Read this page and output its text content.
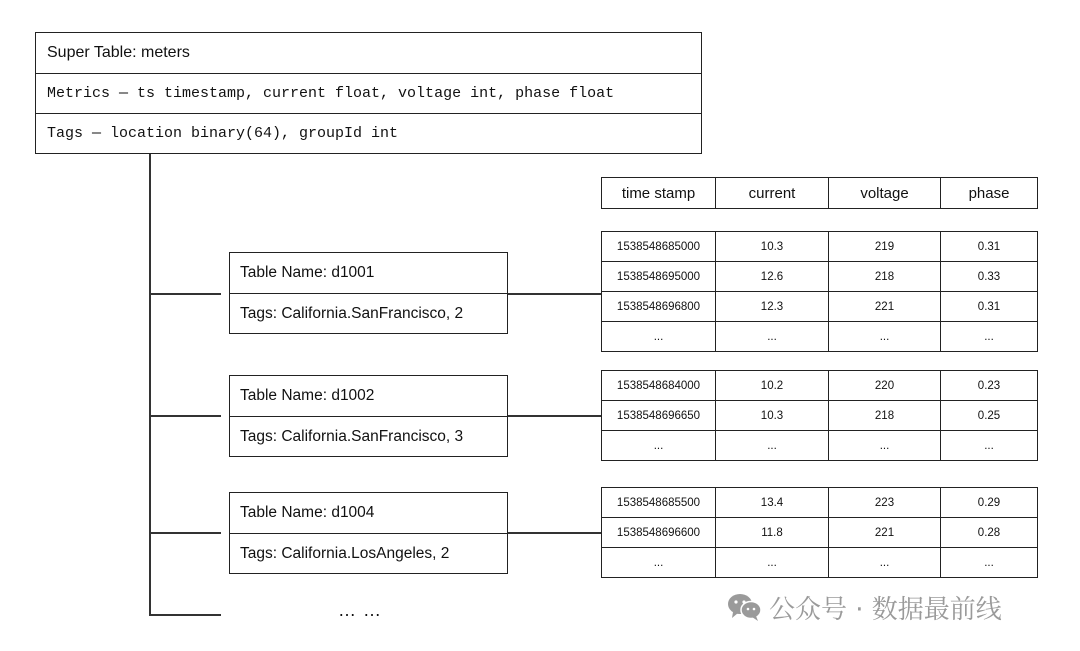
Super Table: meters
Metrics — ts timestamp, current float, voltage int, phase float
Tags — location binary(64), groupId int
Table Name: d1001
Tags: California.SanFrancisco, 2
Table Name: d1002
Tags: California.SanFrancisco, 3
Table Name: d1004
Tags: California.LosAngeles, 2
time stamp	current	voltage	phase
1538548685000	10.3	219	0.31
1538548695000	12.6	218	0.33
1538548696800	12.3	221	0.31
...	...	...	...
1538548684000	10.2	220	0.23
1538548696650	10.3	218	0.25
...	...	...	...
1538548685500	13.4	223	0.29
1538548696600	11.8	221	0.28
...	...	...	...
… …	公众号 · 数据最前线
